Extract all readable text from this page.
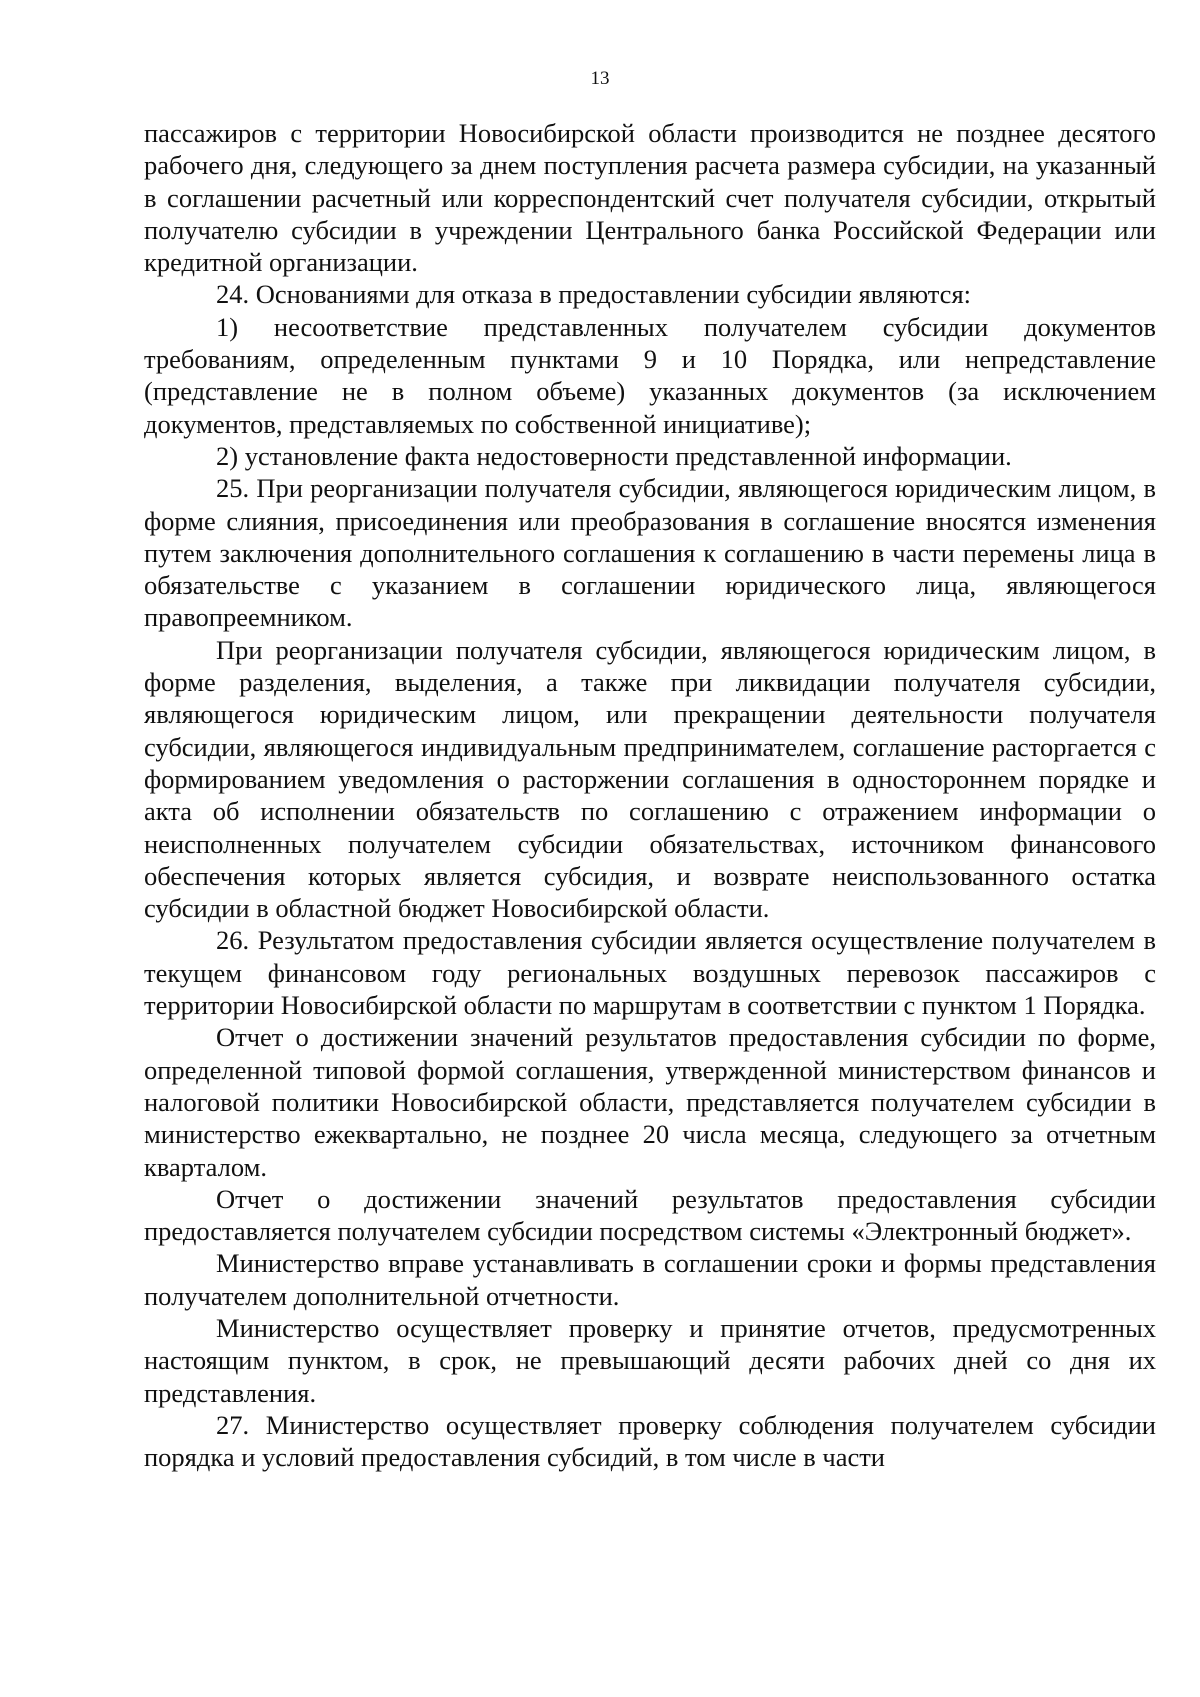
13

пассажиров с территории Новосибирской области производится не позднее десятого рабочего дня, следующего за днем поступления расчета размера субсидии, на указанный в соглашении расчетный или корреспондентский счет получателя субсидии, открытый получателю субсидии в учреждении Центрального банка Российской Федерации или кредитной организации.

24. Основаниями для отказа в предоставлении субсидии являются:

1) несоответствие представленных получателем субсидии документов требованиям, определенным пунктами 9 и 10 Порядка, или непредставление (представление не в полном объеме) указанных документов (за исключением документов, представляемых по собственной инициативе);

2) установление факта недостоверности представленной информации.

25. При реорганизации получателя субсидии, являющегося юридическим лицом, в форме слияния, присоединения или преобразования в соглашение вносятся изменения путем заключения дополнительного соглашения к соглашению в части перемены лица в обязательстве с указанием в соглашении юридического лица, являющегося правопреемником.

При реорганизации получателя субсидии, являющегося юридическим лицом, в форме разделения, выделения, а также при ликвидации получателя субсидии, являющегося юридическим лицом, или прекращении деятельности получателя субсидии, являющегося индивидуальным предпринимателем, соглашение расторгается с формированием уведомления о расторжении соглашения в одностороннем порядке и акта об исполнении обязательств по соглашению с отражением информации о неисполненных получателем субсидии обязательствах, источником финансового обеспечения которых является субсидия, и возврате неиспользованного остатка субсидии в областной бюджет Новосибирской области.

26. Результатом предоставления субсидии является осуществление получателем в текущем финансовом году региональных воздушных перевозок пассажиров с территории Новосибирской области по маршрутам в соответствии с пунктом 1 Порядка.

Отчет о достижении значений результатов предоставления субсидии по форме, определенной типовой формой соглашения, утвержденной министерством финансов и налоговой политики Новосибирской области, представляется получателем субсидии в министерство ежеквартально, не позднее 20 числа месяца, следующего за отчетным кварталом.

Отчет о достижении значений результатов предоставления субсидии предоставляется получателем субсидии посредством системы «Электронный бюджет».

Министерство вправе устанавливать в соглашении сроки и формы представления получателем дополнительной отчетности.

Министерство осуществляет проверку и принятие отчетов, предусмотренных настоящим пунктом, в срок, не превышающий десяти рабочих дней со дня их представления.

27. Министерство осуществляет проверку соблюдения получателем субсидии порядка и условий предоставления субсидий, в том числе в части
